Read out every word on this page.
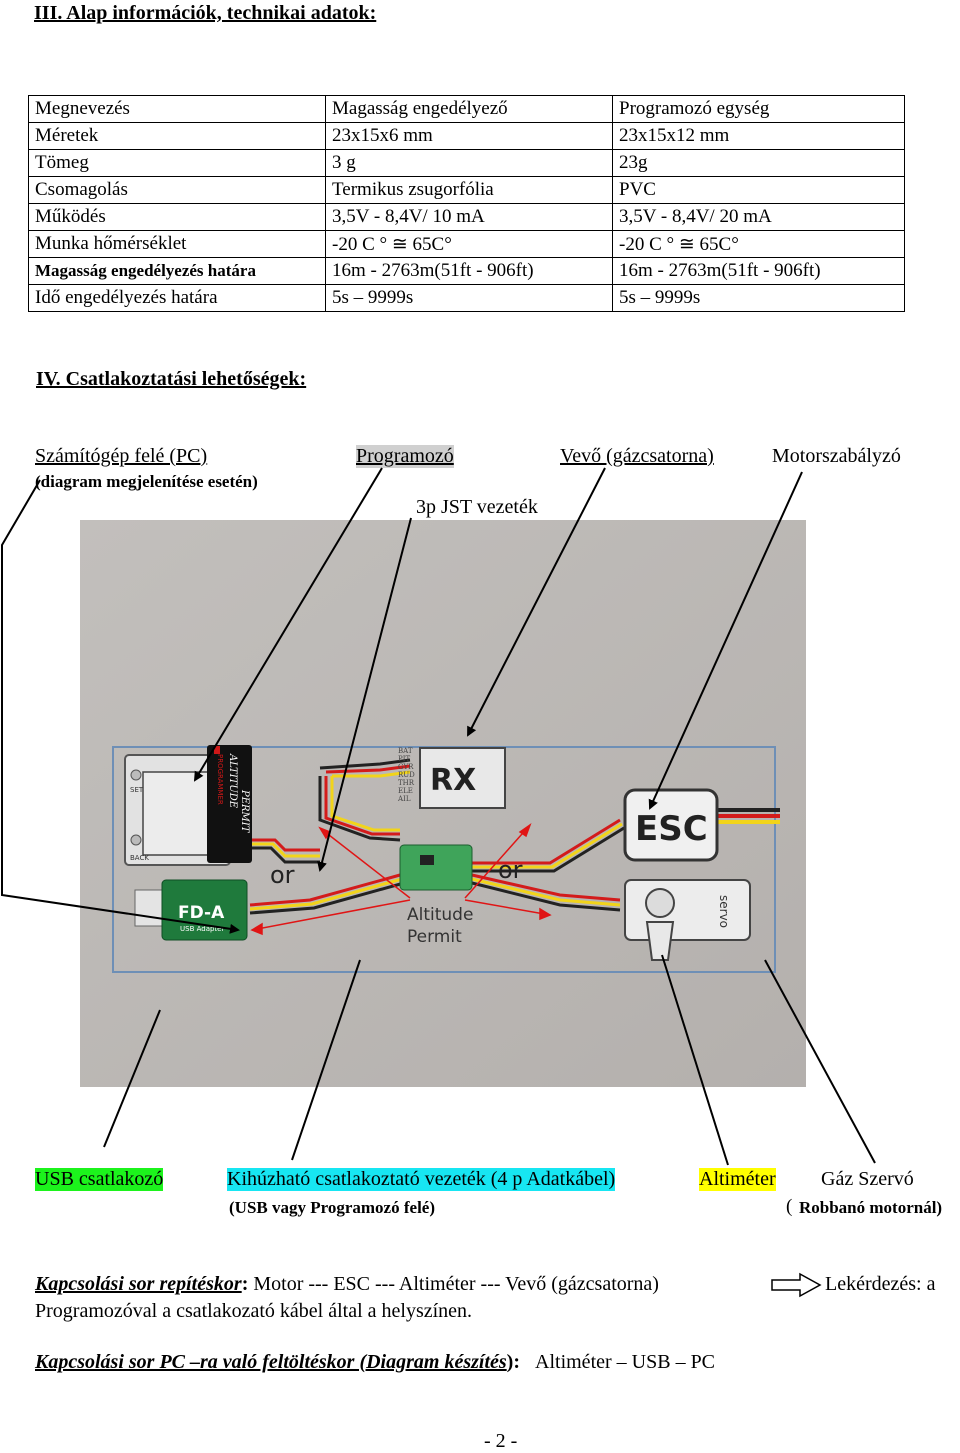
III. Alap információk, technikai adatok:
Megnevezés	Magasság engedélyező	Programozó egység
Méretek	23x15x6 mm	23x15x12 mm
Tömeg	3 g	23g
Csomagolás	Termikus zsugorfólia	PVC
Működés	3,5V - 8,4V/ 10 mA	3,5V - 8,4V/ 20 mA
Munka hőmérséklet	-20 C ° ≅ 65C°	-20 C ° ≅ 65C°
Magasság engedélyezés határa	16m - 2763m(51ft - 906ft)	16m - 2763m(51ft - 906ft)
Idő engedélyezés határa	5s – 9999s	5s – 9999s
IV. Csatlakoztatási lehetőségek:
Számítógép felé (PC)
(diagram megjelenítése esetén)
Programozó	Vevő (gázcsatorna)	Motorszabályzó
3p JST vezeték
SET
BACK
ALTITUDE
PROGRAMMER
PERMIT
BAT
PIT
GYR
RUD
THR
ELE
AIL
RX
ESC
servo
FD-A
USB Adapter
Altitude
Permit
or	or
USB csatlakozó	Kihúzható csatlakoztató vezeték (4 p Adatkábel)
(USB vagy Programozó felé)
Altiméter Gáz Szervó
( Robbanó motornál)
Kapcsolási sor repítéskor: Motor --- ESC --- Altiméter --- Vevő (gázcsatorna)	Lekérdezés: a
Programozóval a csatlakozató kábel által a helyszínen.
Kapcsolási sor PC –ra való feltöltéskor (Diagram készítés): Altiméter – USB – PC
- 2 -
